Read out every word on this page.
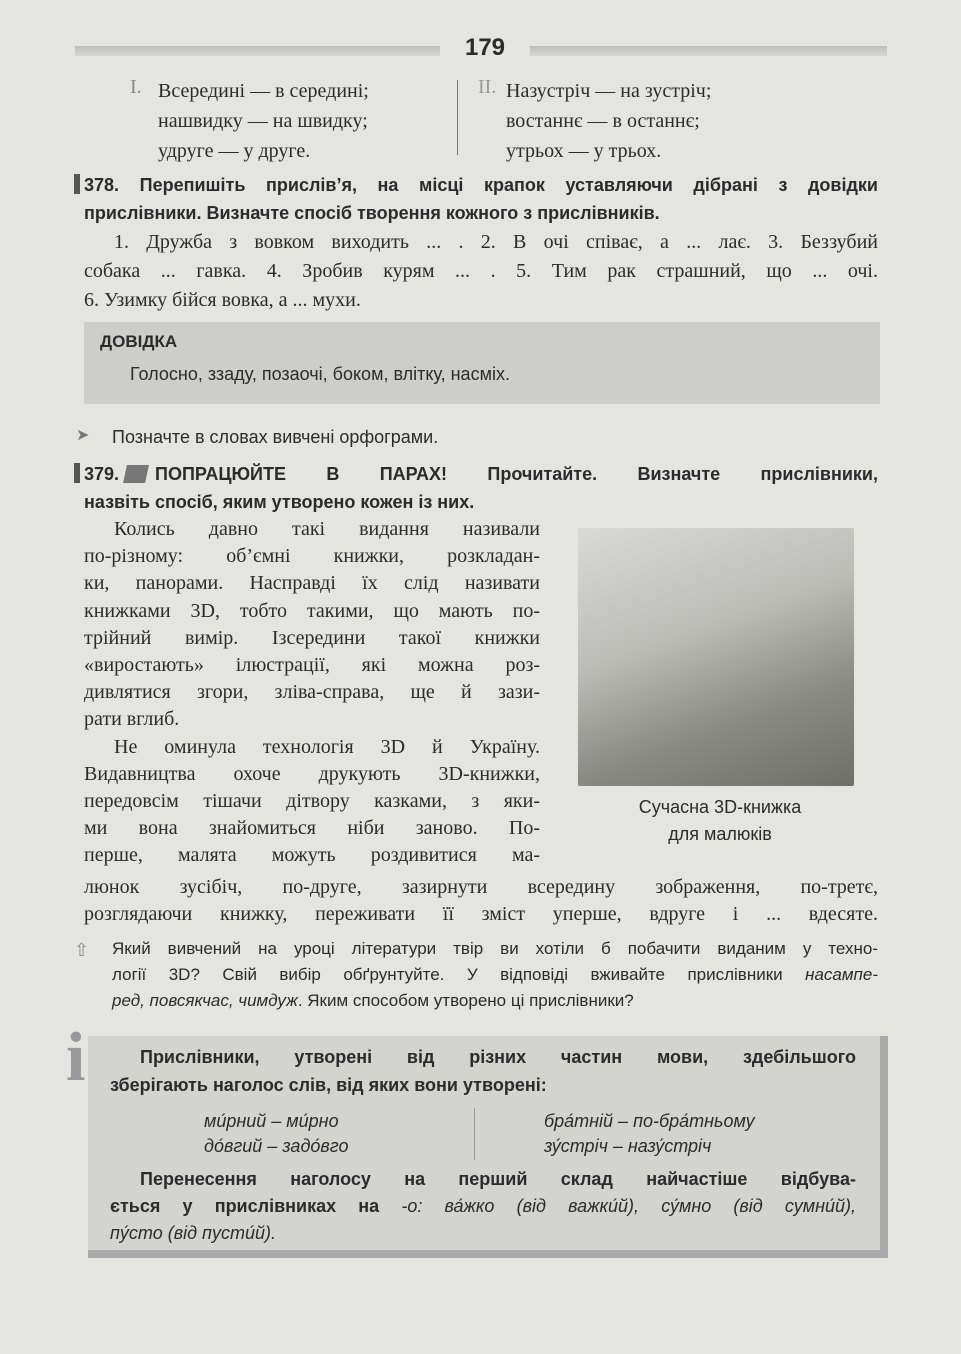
179
I. Всередині — в середині;
нашвидку — на швидку;
удруге — у друге.
II. Назустріч — на зустріч;
востаннє — в останнє;
утрьох — у трьох.
378. Перепишіть прислів’я, на місці крапок уставляючи дібрані з довідки
прислівники. Визначте спосіб творення кожного з прислівників.
1. Дружба з вовком виходить ... . 2. В очі співає, а ... лає. 3. Беззубий
собака ... гавка. 4. Зробив курям ... . 5. Тим рак страшний, що ... очі.
6. Узимку бійся вовка, а ... мухи.
ДОВІДКА
Голосно, ззаду, позаочі, боком, влітку, насміх.
➤ Позначте в словах вивчені орфограми.
379. ПОПРАЦЮЙТЕ В ПАРАХ! Прочитайте. Визначте прислівники,
назвіть спосіб, яким утворено кожен із них.
Колись давно такі видання називали
по-різному: об’ємні книжки, розкладан-
ки, панорами. Насправді їх слід називати
книжками 3D, тобто такими, що мають по-
трійний вимір. Ізсередини такої книжки
«виростають» ілюстрації, які можна роз-
дивлятися згори, зліва-справа, ще й зази-
рати вглиб.
Не оминула технологія 3D й Україну.
Видавництва охоче друкують 3D-книжки,
передовсім тішачи дітвору казками, з яки-
ми вона знайомиться ніби заново. По-
перше, малята можуть роздивитися ма-
люнок зусібіч, по-друге, зазирнути всередину зображення, по-третє,
розглядаючи книжку, переживати її зміст уперше, вдруге і ... вдесяте.
Сучасна 3D-книжка
для малюків
⇧ Який вивчений на уроці літератури твір ви хотіли б побачити виданим у техно-
логії 3D? Свій вибір обґрунтуйте. У відповіді вживайте прислівники насампе-
ред, повсякчас, чимдуж. Яким способом утворено ці прислівники?
і	Прислівники, утворені від різних частин мови, здебільшого
зберігають наголос слів, від яких вони утворені:
ми́рний – ми́рно
до́вгий – задо́вго
бра́тній – по-бра́тньому
зу́стріч – назу́стріч
Перенесення наголосу на перший склад найчастіше відбува-
ється у прислівниках на -о: ва́жко (від важки́й), су́мно (від сумни́й),
пу́сто (від пусти́й).
